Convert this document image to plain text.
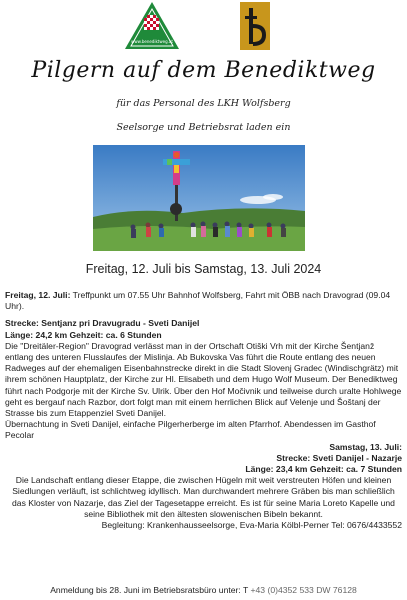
www.benediktweg.at
Pilgern auf dem Benediktweg
für das Personal des LKH Wolfsberg
Seelsorge und Betriebsrat laden ein
Freitag, 12. Juli bis Samstag, 13. Juli 2024

Freitag, 12. Juli: Treffpunkt um 07.55 Uhr Bahnhof Wolfsberg, Fahrt mit ÖBB nach Dravograd (09.04 Uhr).

Strecke: Sentjanz pri Dravugradu - Sveti Danijel

Länge: 24,2 km Gehzeit: ca. 6 Stunden

Die "Dreitäler-Region" Dravograd verlässt man in der Ortschaft Otiški Vrh mit der Kirche Šentjanž entlang des unteren Flusslaufes der Mislinja. Ab Bukovska Vas führt die Route entlang des neuen Radweges auf der ehemaligen Eisenbahnstrecke direkt in die Stadt Slovenj Gradec (Windischgrätz) mit ihrem schönen Hauptplatz, der Kirche zur Hl. Elisabeth und dem Hugo Wolf Museum. Der Benediktweg führt nach Podgorje mit der Kirche Sv. Ulrik. Über den Hof Močivnik und teilweise durch uralte Hohlwege geht es bergauf nach Razbor, dort folgt man mit einem herrlichen Blick auf Velenje und Šoštanj der Strasse bis zum Etappenziel Sveti Danijel.

Übernachtung in Sveti Danijel, einfache Pilgerherberge im alten Pfarrhof. Abendessen im Gasthof Pecolar

Samstag, 13. Juli:

Strecke: Sveti Danijel - Nazarje

Länge: 23,4 km Gehzeit: ca. 7 Stunden

Die Landschaft entlang dieser Etappe, die zwischen Hügeln mit weit verstreuten Höfen und kleinen Siedlungen verläuft, ist schlichtweg idyllisch. Man durchwandert mehrere Gräben bis man schließlich das Kloster von Nazarje, das Ziel der Tagesetappe erreicht. Es ist für seine Maria Loreto Kapelle und seine Bibliothek mit den ältesten slowenischen Bibeln bekannt.

Begleitung: Krankenhausseelsorge, Eva-Maria Kölbl-Perner Tel: 0676/4433552

Anmeldung bis 28. Juni im Betriebsratsbüro unter: T +43 (0)4352 533 DW 76128
